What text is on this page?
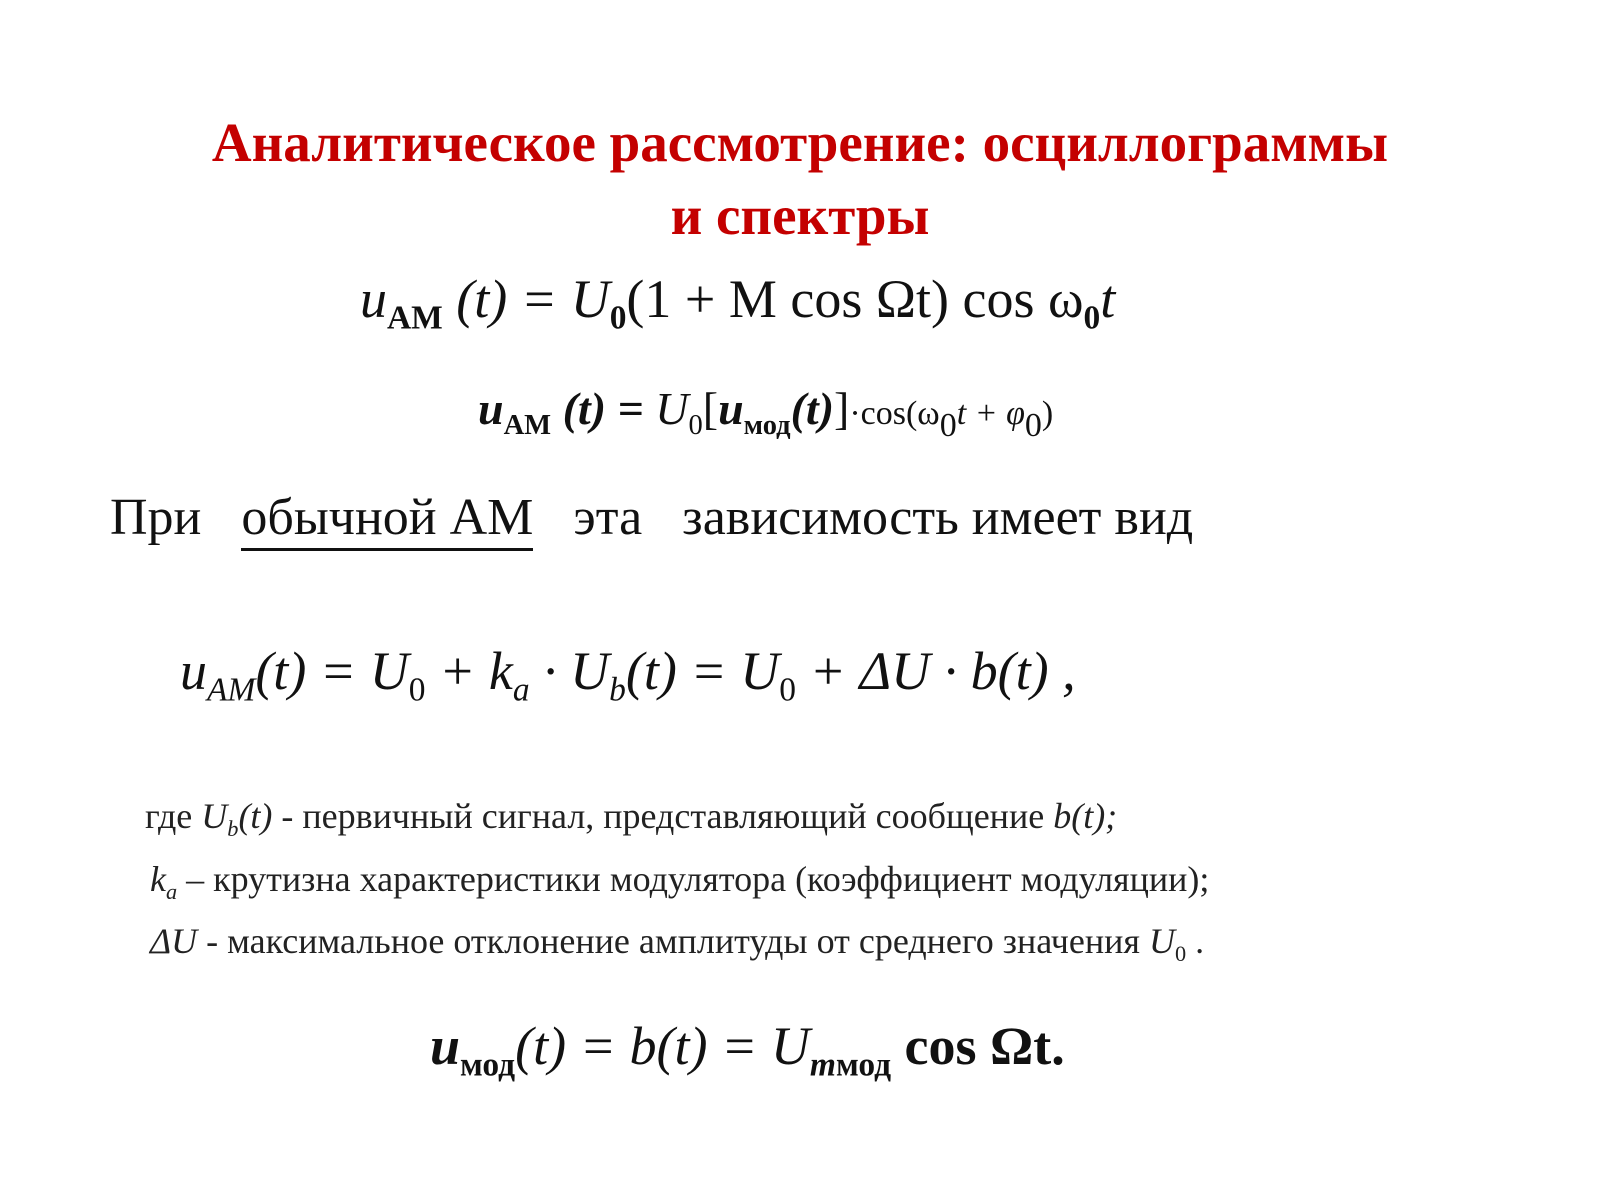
Аналитическое рассмотрение: осциллограммы
и спектры
$u_{AM}$ $(t) = U_0(1 + M$ cos Ωt) $\cos \omega_0t$
$u_{AM}$ $(t) = U_0[u_{мод}(t)]\cdot\cos(\omega_0t + \varphi_0)$
При обычной АМ эта зависимость имеет вид
$u_{AM}(t) = U_0 + k_a \cdot U_b(t) = U_0 + \Delta U \cdot b(t)$ ,
где $U_b(t)$ - первичный сигнал, представляющий сообщение b(t);
$k_a$ – крутизна характеристики модулятора (коэффициент модуляции);
ΔU - максимальное отклонение амплитуды от среднего значения $U_0$ .
$u_{мод}(t) = b(t) = U_{mмод}$ cos Ωt.
